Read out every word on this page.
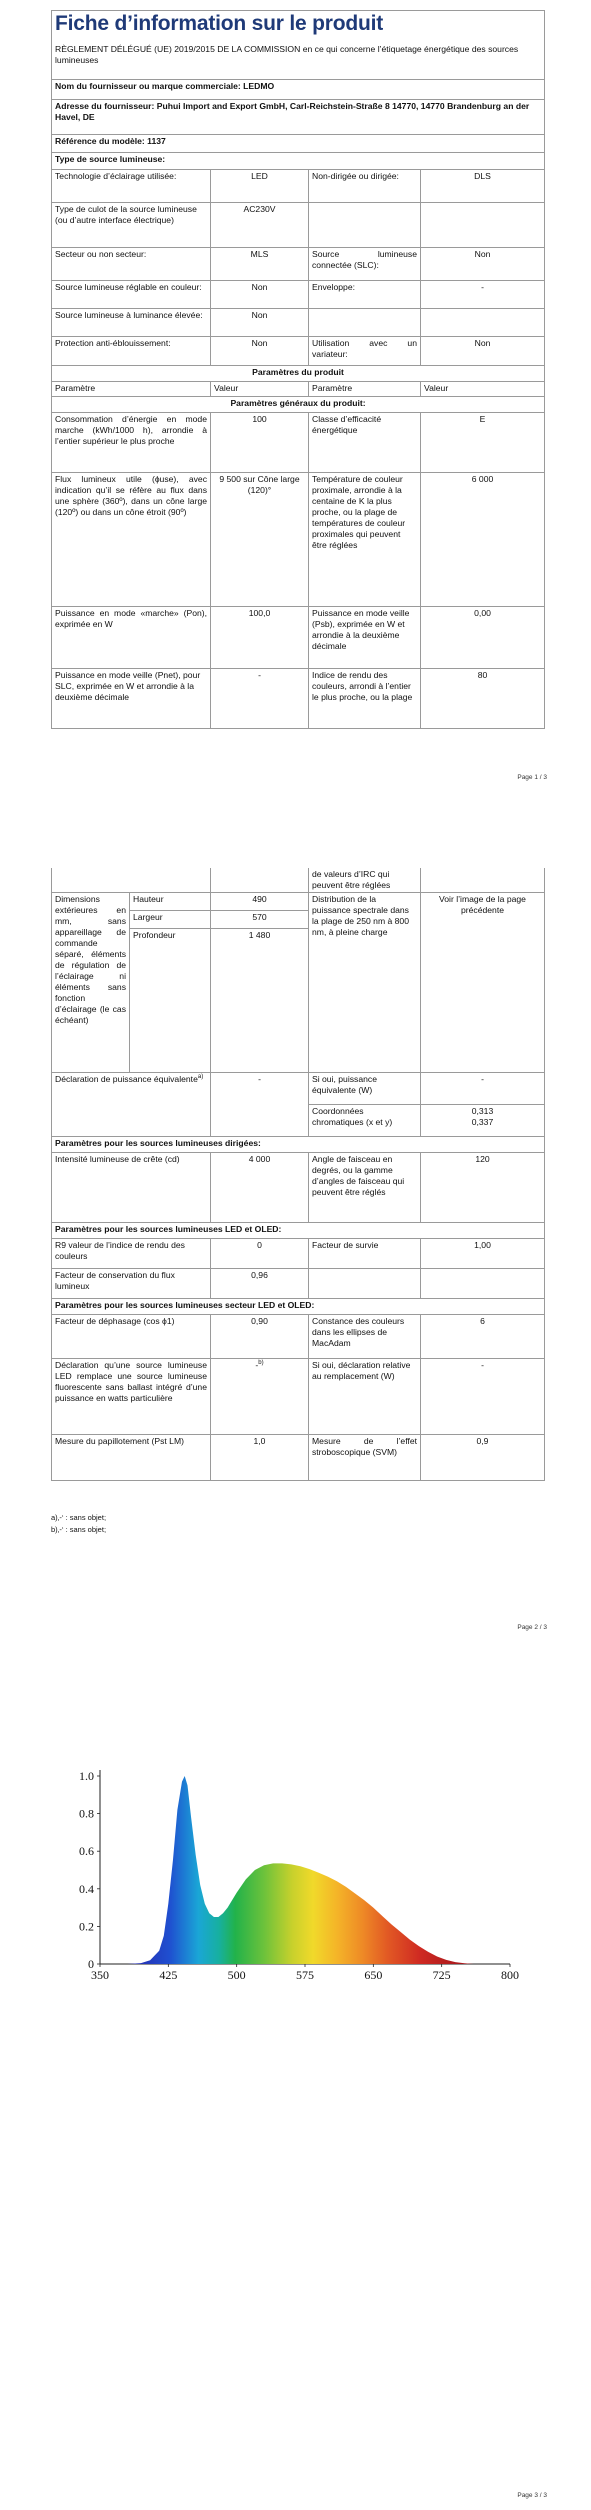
Fiche d’information sur le produit			

RÈGLEMENT DÉLÉGUÉ (UE) 2019/2015 DE LA COMMISSION en ce qui concerne l’étiquetage énergétique des sources lumineuses			
Nom du fournisseur ou marque commerciale: LEDMO			
Adresse du fournisseur: Puhui Import and Export GmbH, Carl-Reichstein-Straße 8 14770, 14770 Brandenburg an der Havel, DE			
Référence du modèle: 1137			
Type de source lumineuse:			
Technologie d’éclairage utilisée:	LED	Non-dirigée ou dirigée:	DLS
Type de culot de la source lumineuse (ou d’autre interface électrique)	AC230V		
Secteur ou non secteur:	MLS	Source lumineuse connectée (SLC):	Non
Source lumineuse réglable en couleur:	Non	Enveloppe:	-
Source lumineuse à luminance élevée:	Non		
Protection anti-éblouissement:	Non	Utilisation avec un variateur:	Non
Paramètres du produit			
Paramètre	Valeur	Paramètre	Valeur
Paramètres généraux du produit:			
Consommation d’énergie en mode marche (kWh/1000 h), arrondie à l’entier supérieur le plus proche	100	Classe d’efficacité énergétique	E
Flux lumineux utile (ɸuse), avec indication qu’il se réfère au flux dans une sphère (360º), dans un cône large (120º) ou dans un cône étroit (90º)	9 500 sur Cône large (120)°	Température de couleur proximale, arrondie à la centaine de K la plus proche, ou la plage de températures de couleur proximales qui peuvent être réglées	6 000
Puissance en mode «marche» (Pon), exprimée en W	100,0	Puissance en mode veille (Psb), exprimée en W et arrondie à la deuxième décimale	0,00
Puissance en mode veille (Pnet), pour SLC, exprimée en W et arrondie à la deuxième décimale	-	Indice de rendu des couleurs, arrondi à l’entier le plus proche, ou la plage	80
Page 1 / 3
			de valeurs d’IRC qui peuvent être réglées	
Dimensions extérieures en mm, sans appareillage de commande séparé, éléments de régulation de l’éclairage ni éléments sans fonction d’éclairage (le cas échéant)	Hauteur	490	Distribution de la puissance spectrale dans la plage de 250 nm à 800 nm, à pleine charge	Voir l’image de la page précédente
	Largeur	570		
	Profondeur	1 480		
Déclaration de puissance équivalente$^{a)}$		-	Si oui, puissance équivalente (W)	-
			Coordonnées chromatiques (x et y)	0,313
0,337

Paramètres pour les sources lumineuses dirigées:				
Intensité lumineuse de crête (cd)		4 000	Angle de faisceau en degrés, ou la gamme d’angles de faisceau qui peuvent être réglés	120
Paramètres pour les sources lumineuses LED et OLED:				
R9 valeur de l’indice de rendu des couleurs		0	Facteur de survie	1,00
Facteur de conservation du flux lumineux		0,96		
Paramètres pour les sources lumineuses secteur LED et OLED:				
Facteur de déphasage (cos ϕ1)		0,90	Constance des couleurs dans les ellipses de MacAdam	6
Déclaration qu’une source lumineuse LED remplace une source lumineuse fluorescente sans ballast intégré d’une puissance en watts particulière		-$^{b)}$	Si oui, déclaration relative au remplacement (W)	-
Mesure du papillotement (Pst LM)		1,0	Mesure de l’effet stroboscopique (SVM)	0,9
a)‚-‘ : sans objet;
b)‚-‘ : sans objet;
Page 2 / 3
350	425	500	575	650	725	800
0
0.2
0.4
0.6
0.8
1.0
Page 3 / 3
